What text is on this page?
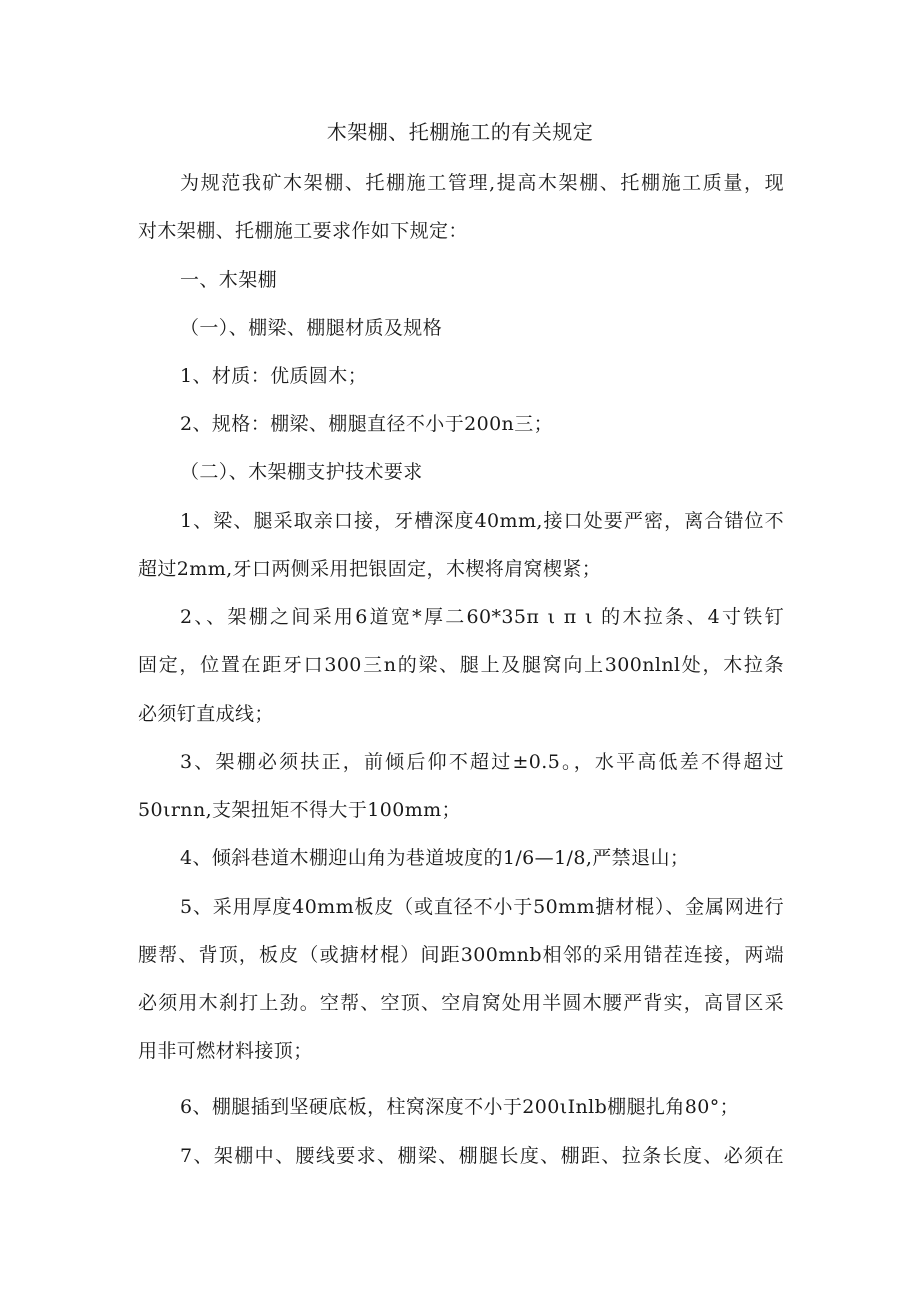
木架棚、托棚施工的有关规定
为规范我矿木架棚、托棚施工管理,提高木架棚、托棚施工质量，现
对木架棚、托棚施工要求作如下规定：
一、木架棚
（一）、棚梁、棚腿材质及规格
1、材质：优质圆木；
2、规格：棚梁、棚腿直径不小于200n三；
（二）、木架棚支护技术要求
1、梁、腿采取亲口接，牙槽深度40mm,接口处要严密，离合错位不
超过2mm,牙口两侧采用把银固定，木楔将肩窝楔紧；
2、、架棚之间采用6道宽*厚二60*35π ι π ι 的木拉条、4寸铁钉
固定，位置在距牙口300三n的梁、腿上及腿窝向上300nlnl处，木拉条
必须钉直成线；
3、架棚必须扶正，前倾后仰不超过±0.5。，水平高低差不得超过
50ιrnn,支架扭矩不得大于100mm；
4、倾斜巷道木棚迎山角为巷道坡度的1/6—1/8,严禁退山；
5、采用厚度40mm板皮（或直径不小于50mm搪材棍）、金属网进行
腰帮、背顶，板皮（或搪材棍）间距300mnb相邻的采用错茬连接，两端
必须用木刹打上劲。空帮、空顶、空肩窝处用半圆木腰严背实，高冒区采
用非可燃材料接顶；
6、棚腿插到坚硬底板，柱窝深度不小于200ιInlb棚腿扎角80°；
7、架棚中、腰线要求、棚梁、棚腿长度、棚距、拉条长度、必须在
